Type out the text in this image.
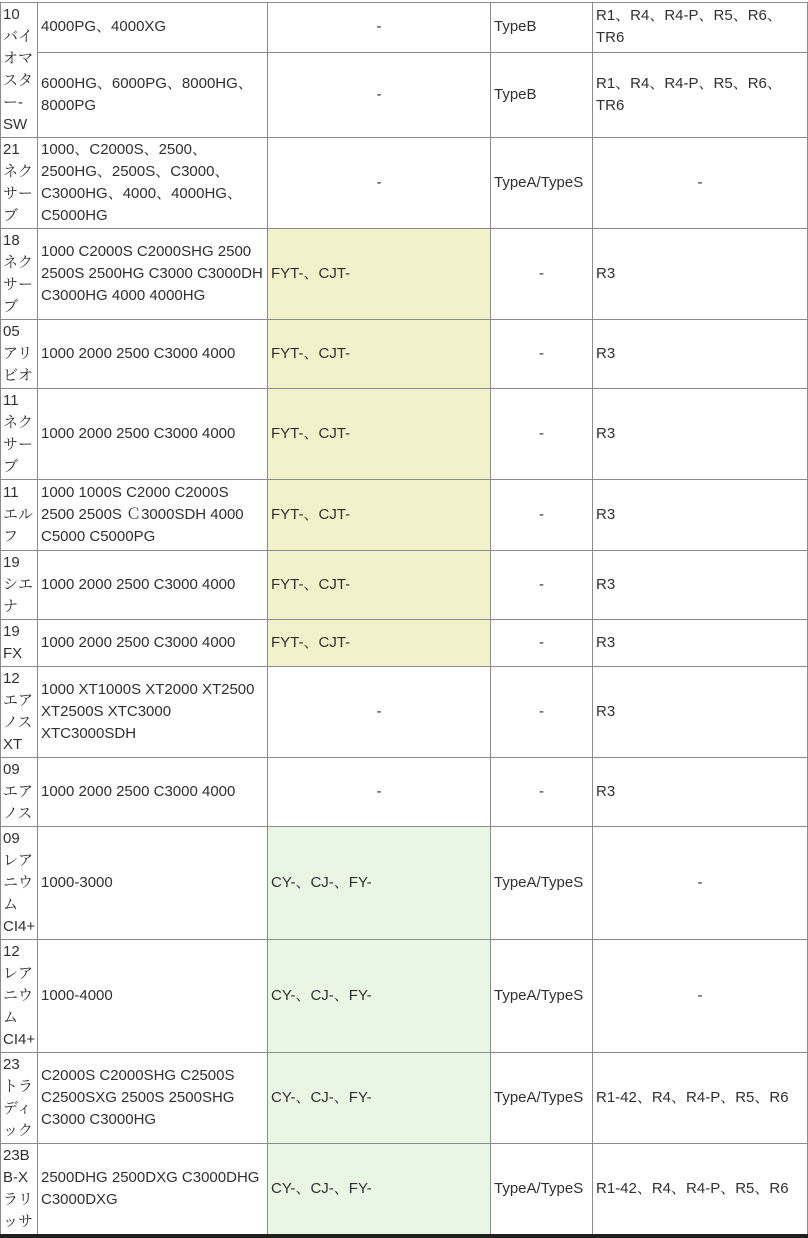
10 バイオマスター-SW	4000PG、4000XG	-	TypeB	R1、R4、R4-P、R5、R6、TR6
	6000HG、6000PG、8000HG、8000PG	-	TypeB	R1、R4、R4-P、R5、R6、TR6
21 ネクサーブ	1000、C2000S、2500、2500HG、2500S、C3000、C3000HG、4000、4000HG、C5000HG	-	TypeA/TypeS	-
18 ネクサーブ	1000 C2000S C2000SHG 2500 2500S 2500HG C3000 C3000DH C3000HG 4000 4000HG	FYT-、CJT-	-	R3
05 アリビオ	1000 2000 2500 C3000 4000	FYT-、CJT-	-	R3
11 ネクサーブ	1000 2000 2500 C3000 4000	FYT-、CJT-	-	R3
11 エルフ	1000 1000S C2000 C2000S 2500 2500S Ｃ3000SDH 4000 C5000 C5000PG	FYT-、CJT-	-	R3
19 シエナ	1000 2000 2500 C3000 4000	FYT-、CJT-	-	R3
19 FX	1000 2000 2500 C3000 4000	FYT-、CJT-	-	R3
12 エアノス XT	1000 XT1000S XT2000 XT2500 XT2500S XTC3000 XTC3000SDH	-	-	R3
09 エアノス	1000 2000 2500 C3000 4000	-	-	R3
09 レアニウム CI4+	1000-3000	CY-、CJ-、FY-	TypeA/TypeS	-
12 レアニウム CI4+	1000-4000	CY-、CJ-、FY-	TypeA/TypeS	-
23 トラディック	C2000S C2000SHG C2500S C2500SXG 2500S 2500SHG C3000 C3000HG	CY-、CJ-、FY-	TypeA/TypeS	R1-42、R4、R4-P、R5、R6
23BB-X ラリッサ	2500DHG 2500DXG C3000DHG C3000DXG	CY-、CJ-、FY-	TypeA/TypeS	R1-42、R4、R4-P、R5、R6
